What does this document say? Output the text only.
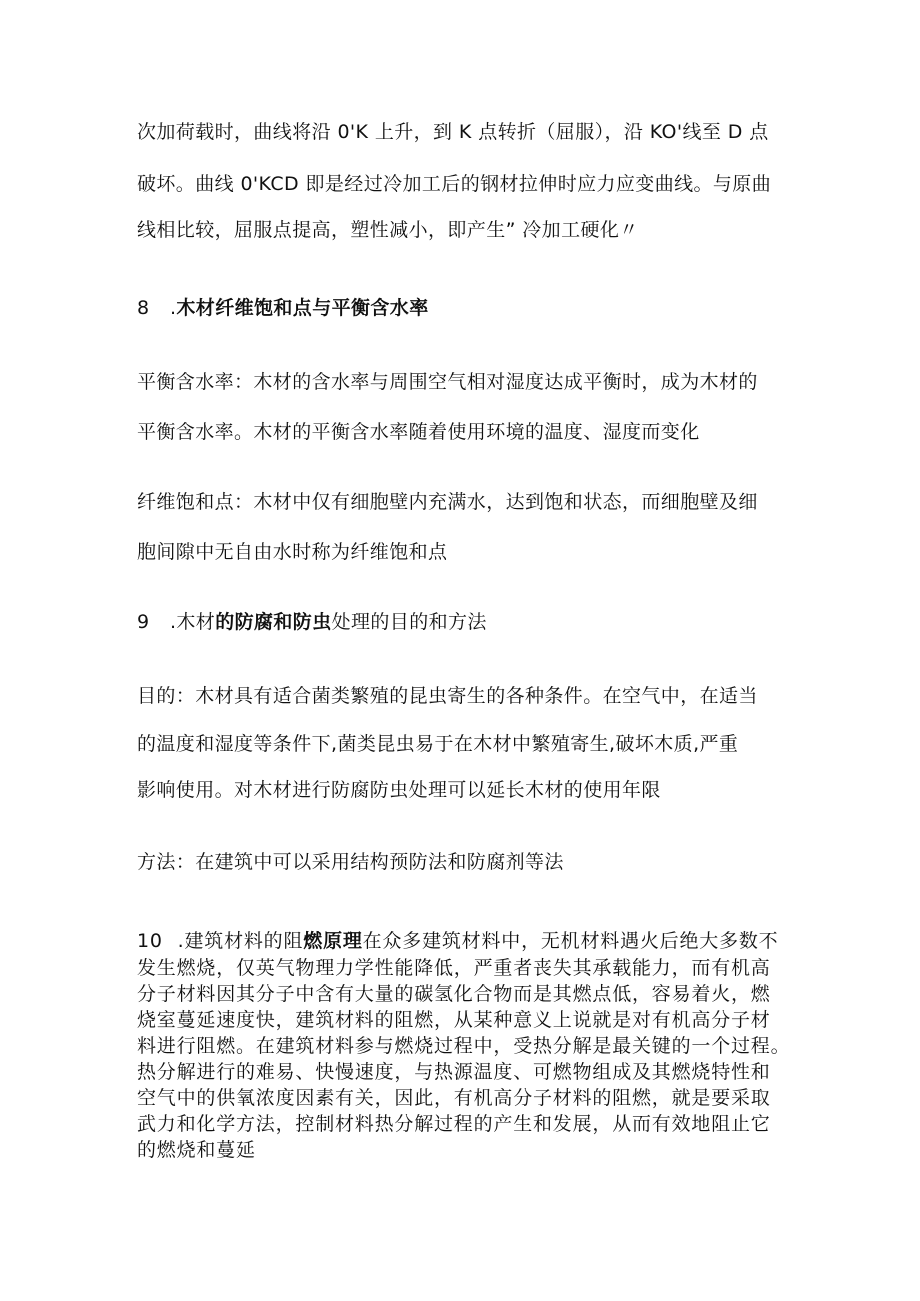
次加荷载时，曲线将沿 0'K 上升，到 K 点转折（屈服），沿 KO'线至 D 点
破坏。曲线 0'KCD 即是经过冷加工后的钢材拉伸时应力应变曲线。与原曲
线相比较，屈服点提高，塑性减小，即产生” 冷加工硬化〃
8 .木材纤维饱和点与平衡含水率
平衡含水率：木材的含水率与周围空气相对湿度达成平衡时，成为木材的
平衡含水率。木材的平衡含水率随着使用环境的温度、湿度而变化
纤维饱和点：木材中仅有细胞壁内充满水，达到饱和状态，而细胞壁及细
胞间隙中无自由水时称为纤维饱和点
9 .木材的防腐和防虫处理的目的和方法
目的：木材具有适合菌类繁殖的昆虫寄生的各种条件。在空气中，在适当
的温度和湿度等条件下,菌类昆虫易于在木材中繁殖寄生,破坏木质,严重
影响使用。对木材进行防腐防虫处理可以延长木材的使用年限
方法：在建筑中可以采用结构预防法和防腐剂等法
10 .建筑材料的阻燃原理在众多建筑材料中，无机材料遇火后绝大多数不
发生燃烧，仅英气物理力学性能降低，严重者丧失其承载能力，而有机高
分子材料因其分子中含有大量的碳氢化合物而是其燃点低，容易着火，燃
烧室蔓延速度快，建筑材料的阻燃，从某种意义上说就是对有机高分子材
料进行阻燃。在建筑材料参与燃烧过程中，受热分解是最关键的一个过程。
热分解进行的难易、快慢速度，与热源温度、可燃物组成及其燃烧特性和
空气中的供氧浓度因素有关，因此，有机高分子材料的阻燃，就是要采取
武力和化学方法，控制材料热分解过程的产生和发展，从而有效地阻止它
的燃烧和蔓延
